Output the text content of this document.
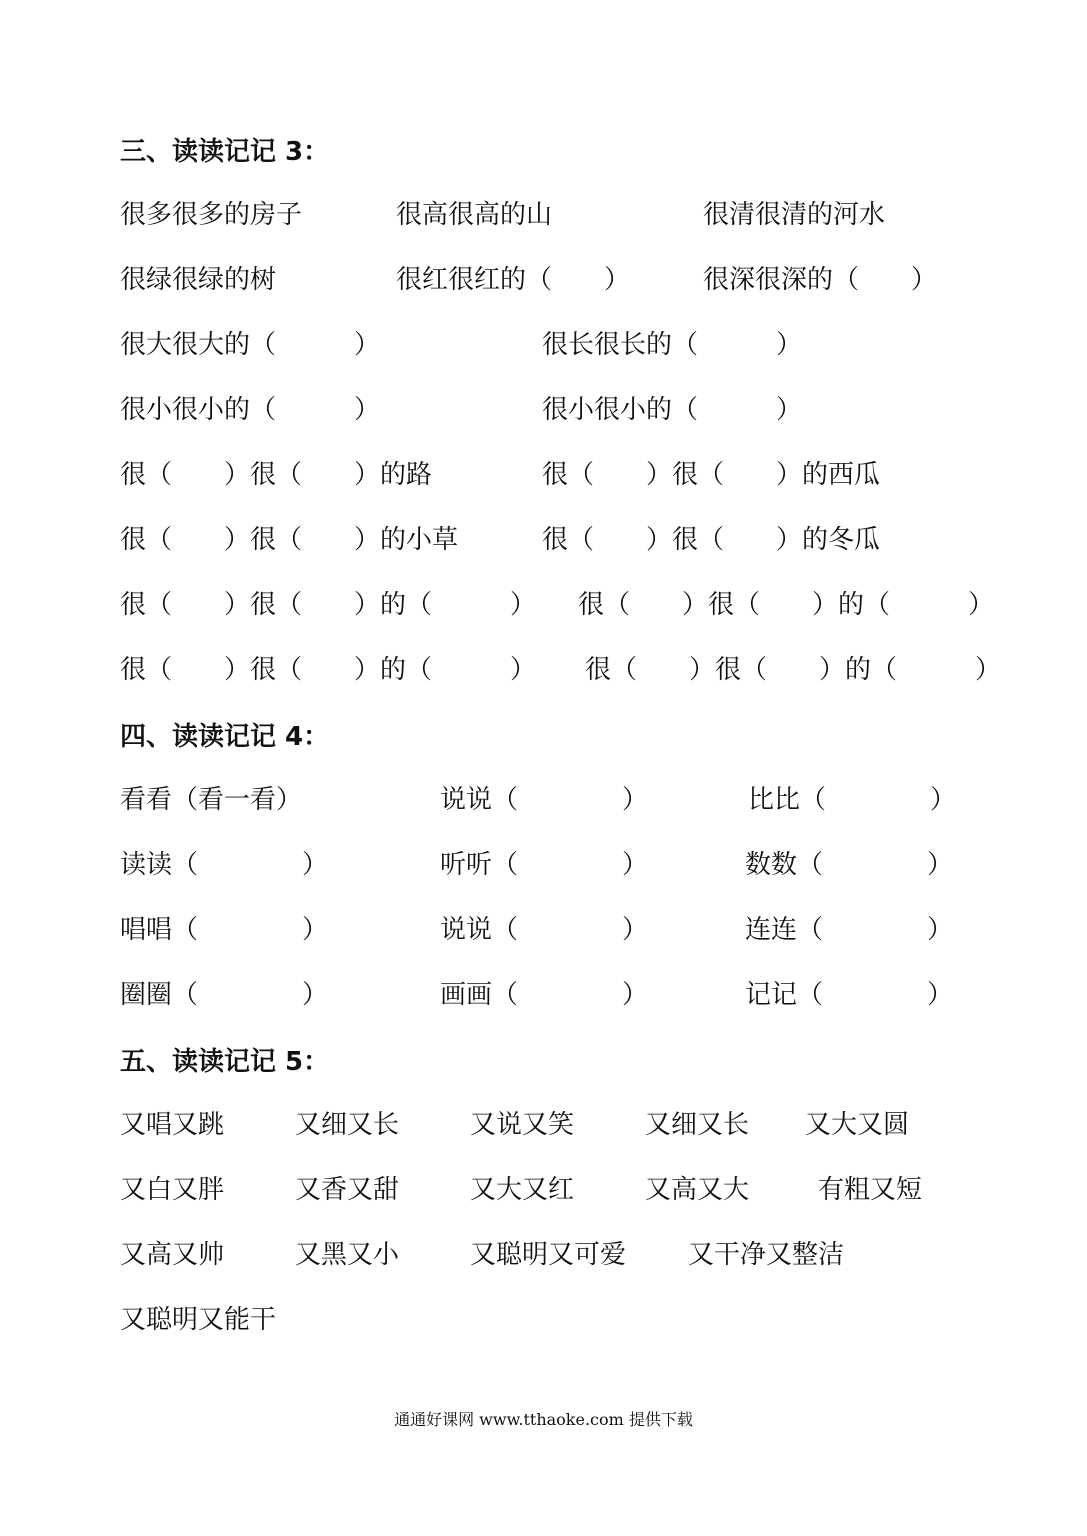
三、读读记记 3：
很多很多的房子	很高很高的山	很清很清的河水
很绿很绿的树	很红很红的（　　）	很深很深的（　　）
很大很大的（　　　）	很长很长的（　　　）
很小很小的（　　　）	很小很小的（　　　）
很（　　）很（　　）的路	很（　　）很（　　）的西瓜
很（　　）很（　　）的小草	很（　　）很（　　）的冬瓜
很（　　）很（　　）的（　　　） 很（　　）很（　　）的（　　　）
很（　　）很（　　）的（　　　） 很（　　）很（　　）的（　　　）
四、读读记记 4：
看看（看一看）	说说（　　　　）	比比（　　　　）
读读（　　　　）	听听（　　　　）	数数（　　　　）
唱唱（　　　　）	说说（　　　　）	连连（　　　　）
圈圈（　　　　）	画画（　　　　）	记记（　　　　）
五、读读记记 5：
又唱又跳	又细又长	又说又笑	又细又长 又大又圆
又白又胖	又香又甜	又大又红	又高又大	有粗又短
又高又帅	又黑又小	又聪明又可爱 又干净又整洁
又聪明又能干
通通好课网 www.tthaoke.com 提供下载
